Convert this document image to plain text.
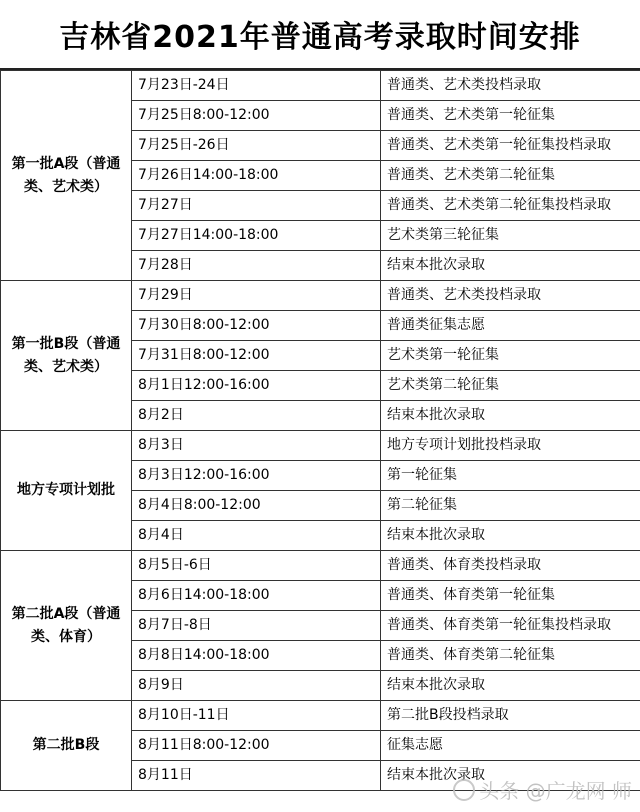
吉林省2021年普通高考录取时间安排
第一批A段（普通类、艺术类）	7月23日-24日	普通类、艺术类投档录取
	7月25日8:00-12:00	普通类、艺术类第一轮征集
	7月25日-26日	普通类、艺术类第一轮征集投档录取
	7月26日14:00-18:00	普通类、艺术类第二轮征集
	7月27日	普通类、艺术类第二轮征集投档录取
	7月27日14:00-18:00	艺术类第三轮征集
	7月28日	结束本批次录取
第一批B段（普通类、艺术类）	7月29日	普通类、艺术类投档录取
	7月30日8:00-12:00	普通类征集志愿
	7月31日8:00-12:00	艺术类第一轮征集
	8月1日12:00-16:00	艺术类第二轮征集
	8月2日	结束本批次录取
地方专项计划批	8月3日	地方专项计划批投档录取
	8月3日12:00-16:00	第一轮征集
	8月4日8:00-12:00	第二轮征集
	8月4日	结束本批次录取
第二批A段（普通类、体育）	8月5日-6日	普通类、体育类投档录取
	8月6日14:00-18:00	普通类、体育类第一轮征集
	8月7日-8日	普通类、体育类第一轮征集投档录取
	8月8日14:00-18:00	普通类、体育类第二轮征集
	8月9日	结束本批次录取
第二批B段	8月10日-11日	第二批B段投档录取
	8月11日8:00-12:00	征集志愿
	8月11日	结束本批次录取
头条 @广龙网 师
